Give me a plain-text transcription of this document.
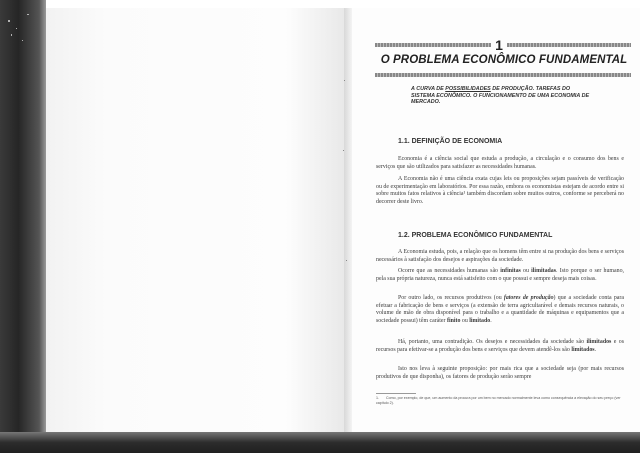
1
O PROBLEMA ECONÔMICO FUNDAMENTAL
A CURVA DE POSSIBILIDADES DE PRODUÇÃO. TAREFAS DO SISTEMA ECONÔMICO. O FUNCIONAMENTO DE UMA ECONOMIA DE MERCADO.
1.1. DEFINIÇÃO DE ECONOMIA
Economia é a ciência social que estuda a produção, a circulação e o consumo dos bens e serviços que são utilizados para satisfazer as necessidades humanas.
A Economia não é uma ciência exata cujas leis ou proposições sejam passíveis de verificação ou de experimentação em laboratórios. Por essa razão, embora os economistas estejam de acordo entre si sobre muitos fatos relativos à ciência¹ também discordam sobre muitos outros, conforme se perceberá no decorrer deste livro.
1.2. PROBLEMA ECONÔMICO FUNDAMENTAL
A Economia estuda, pois, a relação que os homens têm entre si na produção dos bens e serviços necessários à satisfação dos desejos e aspirações da sociedade.
Ocorre que as necessidades humanas são infinitas ou ilimitadas. Isto porque o ser humano, pela sua própria natureza, nunca está satisfeito com o que possui e sempre deseja mais coisas.
Por outro lado, os recursos produtivos (ou fatores de produção) que a sociedade conta para efetuar a fabricação de bens e serviços (a extensão de terra agricultarável e demais recursos naturais, o volume de mão de obra disponível para o trabalho e a quantidade de máquinas e equipamentos que a sociedade possui) têm caráter finito ou limitado.
Há, portanto, uma contradição. Os desejos e necessidades da sociedade são ilimitados e os recursos para efetivar-se a produção dos bens e serviços que devem atendê-los são limitados.
Isto nos leva à seguinte proposição: por mais rica que a sociedade seja (por mais recursos produtivos de que disponha), os fatores de produção serão sempre
1. Como, por exemplo, de que, um aumento da procura por um bem no mercado normalmente leva como consequência a elevação do seu preço (ver capítulo 2).
